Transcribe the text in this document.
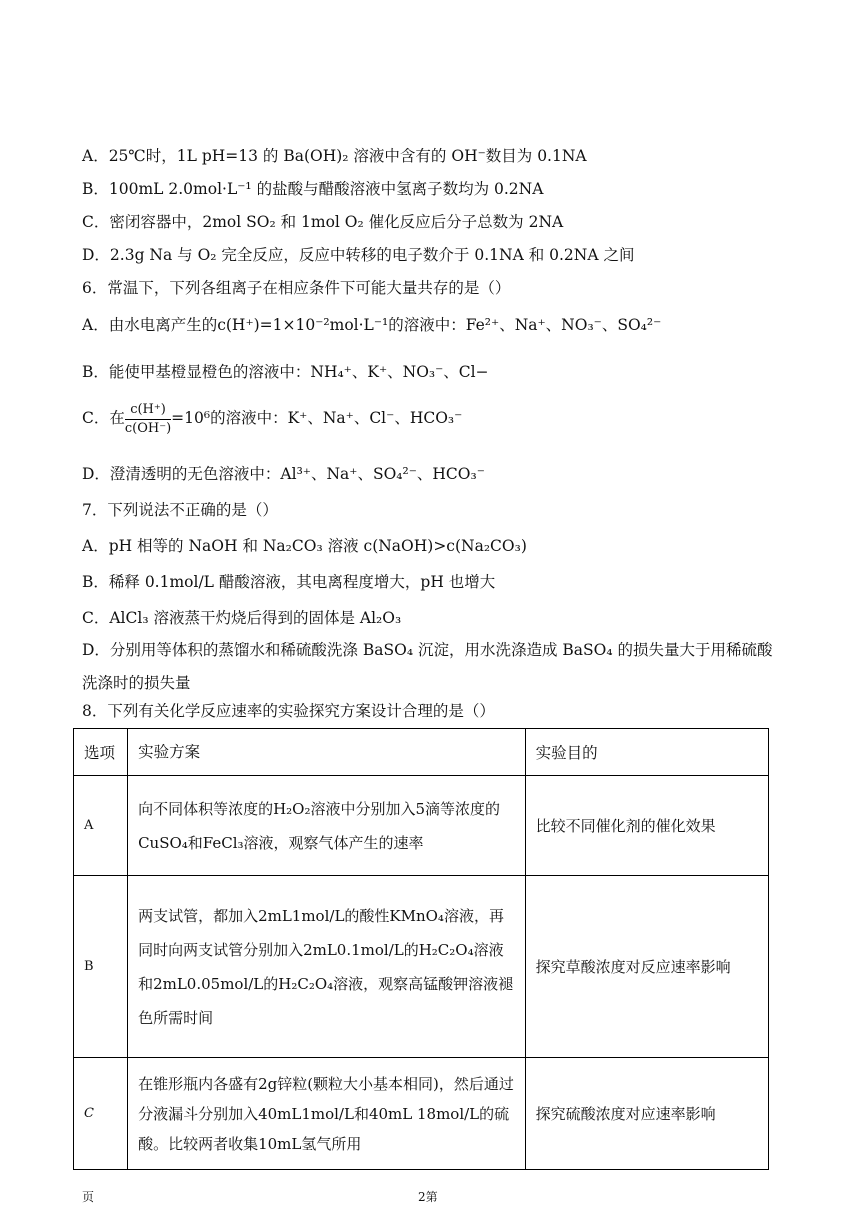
A．25℃时，1L pH=13 的 Ba(OH)₂ 溶液中含有的 OH⁻数目为 0.1NA
B．100mL 2.0mol·L⁻¹ 的盐酸与醋酸溶液中氢离子数均为 0.2NA
C．密闭容器中，2mol SO₂ 和 1mol O₂ 催化反应后分子总数为 2NA
D．2.3g Na 与 O₂ 完全反应，反应中转移的电子数介于 0.1NA 和 0.2NA 之间
6．常温下，下列各组离子在相应条件下可能大量共存的是（）
A．由水电离产生的c(H⁺)=1×10⁻²mol·L⁻¹的溶液中：Fe²⁺、Na⁺、NO₃⁻、SO₄²⁻
B．能使甲基橙显橙色的溶液中：NH₄⁺、K⁺、NO₃⁻、Cl−
C．在 $\frac{c(H^+)}{c(OH^-)} =10^6$的溶液中：K⁺、Na⁺、Cl⁻、HCO₃⁻
D．澄清透明的无色溶液中：Al³⁺、Na⁺、SO₄²⁻、HCO₃⁻
7．下列说法不正确的是（）
A．pH 相等的 NaOH 和 Na₂CO₃ 溶液 c(NaOH)>c(Na₂CO₃)
B．稀释 0.1mol/L 醋酸溶液，其电离程度增大，pH 也增大
C．AlCl₃ 溶液蒸干灼烧后得到的固体是 Al₂O₃
D．分别用等体积的蒸馏水和稀硫酸洗涤 BaSO₄ 沉淀，用水洗涤造成 BaSO₄ 的损失量大于用稀硫酸洗涤时的损失量
8．下列有关化学反应速率的实验探究方案设计合理的是（）
选项	实验方案	实验目的
A	向不同体积等浓度的H₂O₂溶液中分别加入5滴等浓度的CuSO₄和FeCl₃溶液，观察气体产生的速率	比较不同催化剂的催化效果
B	两支试管，都加入2mL1mol/L的酸性KMnO₄溶液，再同时向两支试管分别加入2mL0.1mol/L的H₂C₂O₄溶液和2mL0.05mol/L的H₂C₂O₄溶液，观察高锰酸钾溶液褪色所需时间	探究草酸浓度对反应速率影响
C	在锥形瓶内各盛有2g锌粒(颗粒大小基本相同)，然后通过分液漏斗分别加入40mL1mol/L和40mL 18mol/L的硫酸。比较两者收集10mL氢气所用	探究硫酸浓度对应速率影响
页	2第
